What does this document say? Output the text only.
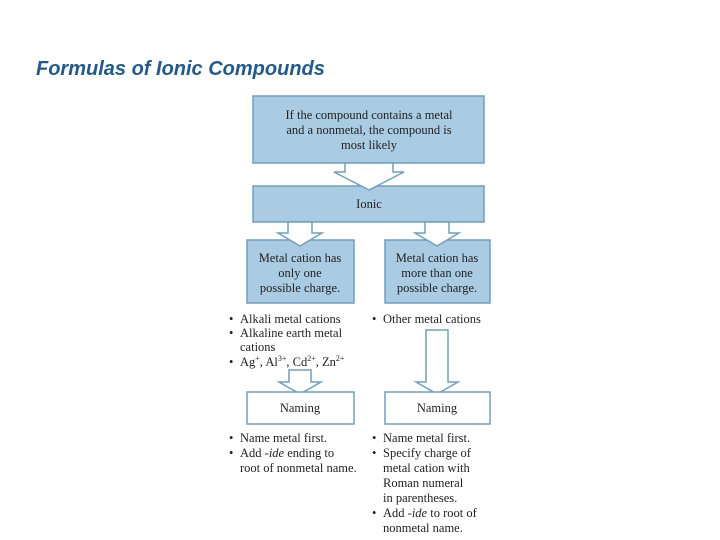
Formulas of Ionic Compounds
If the compound contains a metal
and a nonmetal, the compound is
most likely
Ionic
Metal cation has
only one
possible charge.
Metal cation has
more than one
possible charge.
• Alkali metal cations
• Alkaline earth metal
cations
• Ag+, $Al^{3+}$, $Cd^{2+}$, $Zn^{2+}$
• Other metal cations
Naming	Naming
• Name metal first.
• Add -ide ending to
root of nonmetal name.
• Name metal first.
• Specify charge of
metal cation with
Roman numeral
in parentheses.
• Add -ide to root of
nonmetal name.
